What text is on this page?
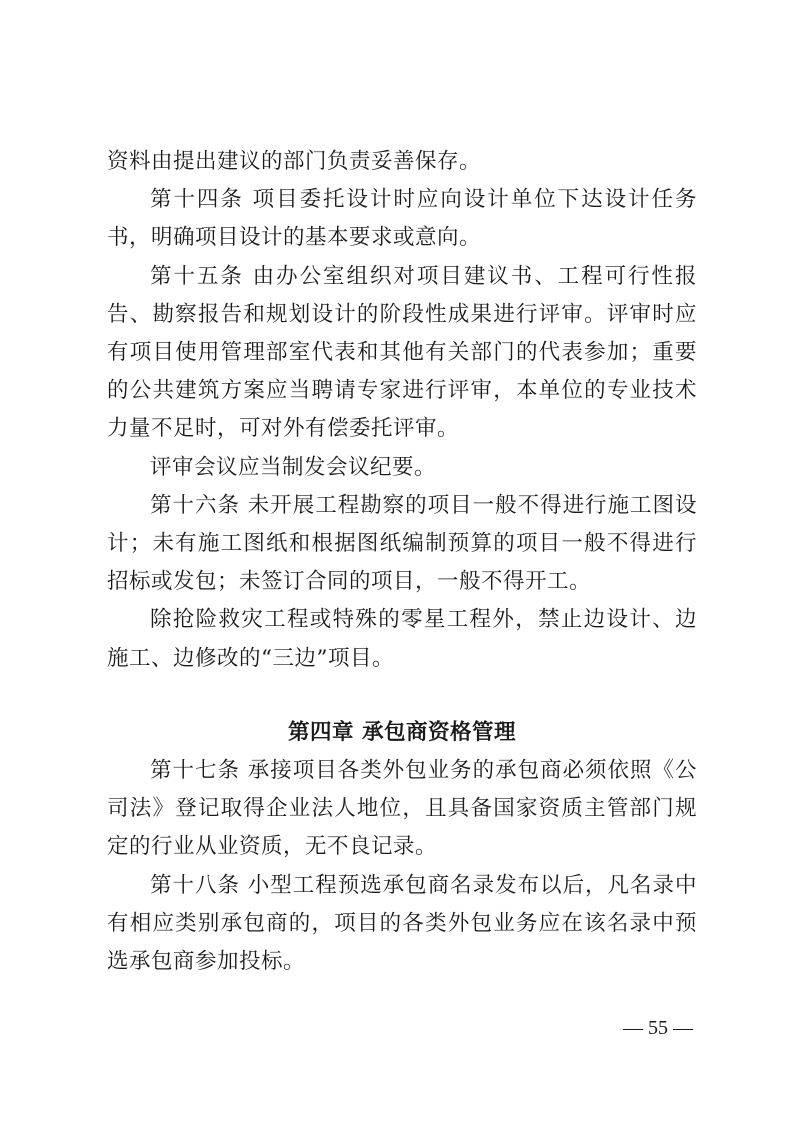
资料由提出建议的部门负责妥善保存。

第十四条 项目委托设计时应向设计单位下达设计任务书，明确项目设计的基本要求或意向。

第十五条 由办公室组织对项目建议书、工程可行性报告、勘察报告和规划设计的阶段性成果进行评审。评审时应有项目使用管理部室代表和其他有关部门的代表参加；重要的公共建筑方案应当聘请专家进行评审，本单位的专业技术力量不足时，可对外有偿委托评审。

评审会议应当制发会议纪要。

第十六条 未开展工程勘察的项目一般不得进行施工图设计；未有施工图纸和根据图纸编制预算的项目一般不得进行招标或发包；未签订合同的项目，一般不得开工。

除抢险救灾工程或特殊的零星工程外，禁止边设计、边施工、边修改的“三边”项目。

第四章 承包商资格管理

第十七条 承接项目各类外包业务的承包商必须依照《公司法》登记取得企业法人地位，且具备国家资质主管部门规定的行业从业资质，无不良记录。

第十八条 小型工程预选承包商名录发布以后，凡名录中有相应类别承包商的，项目的各类外包业务应在该名录中预选承包商参加投标。

— 55 —
